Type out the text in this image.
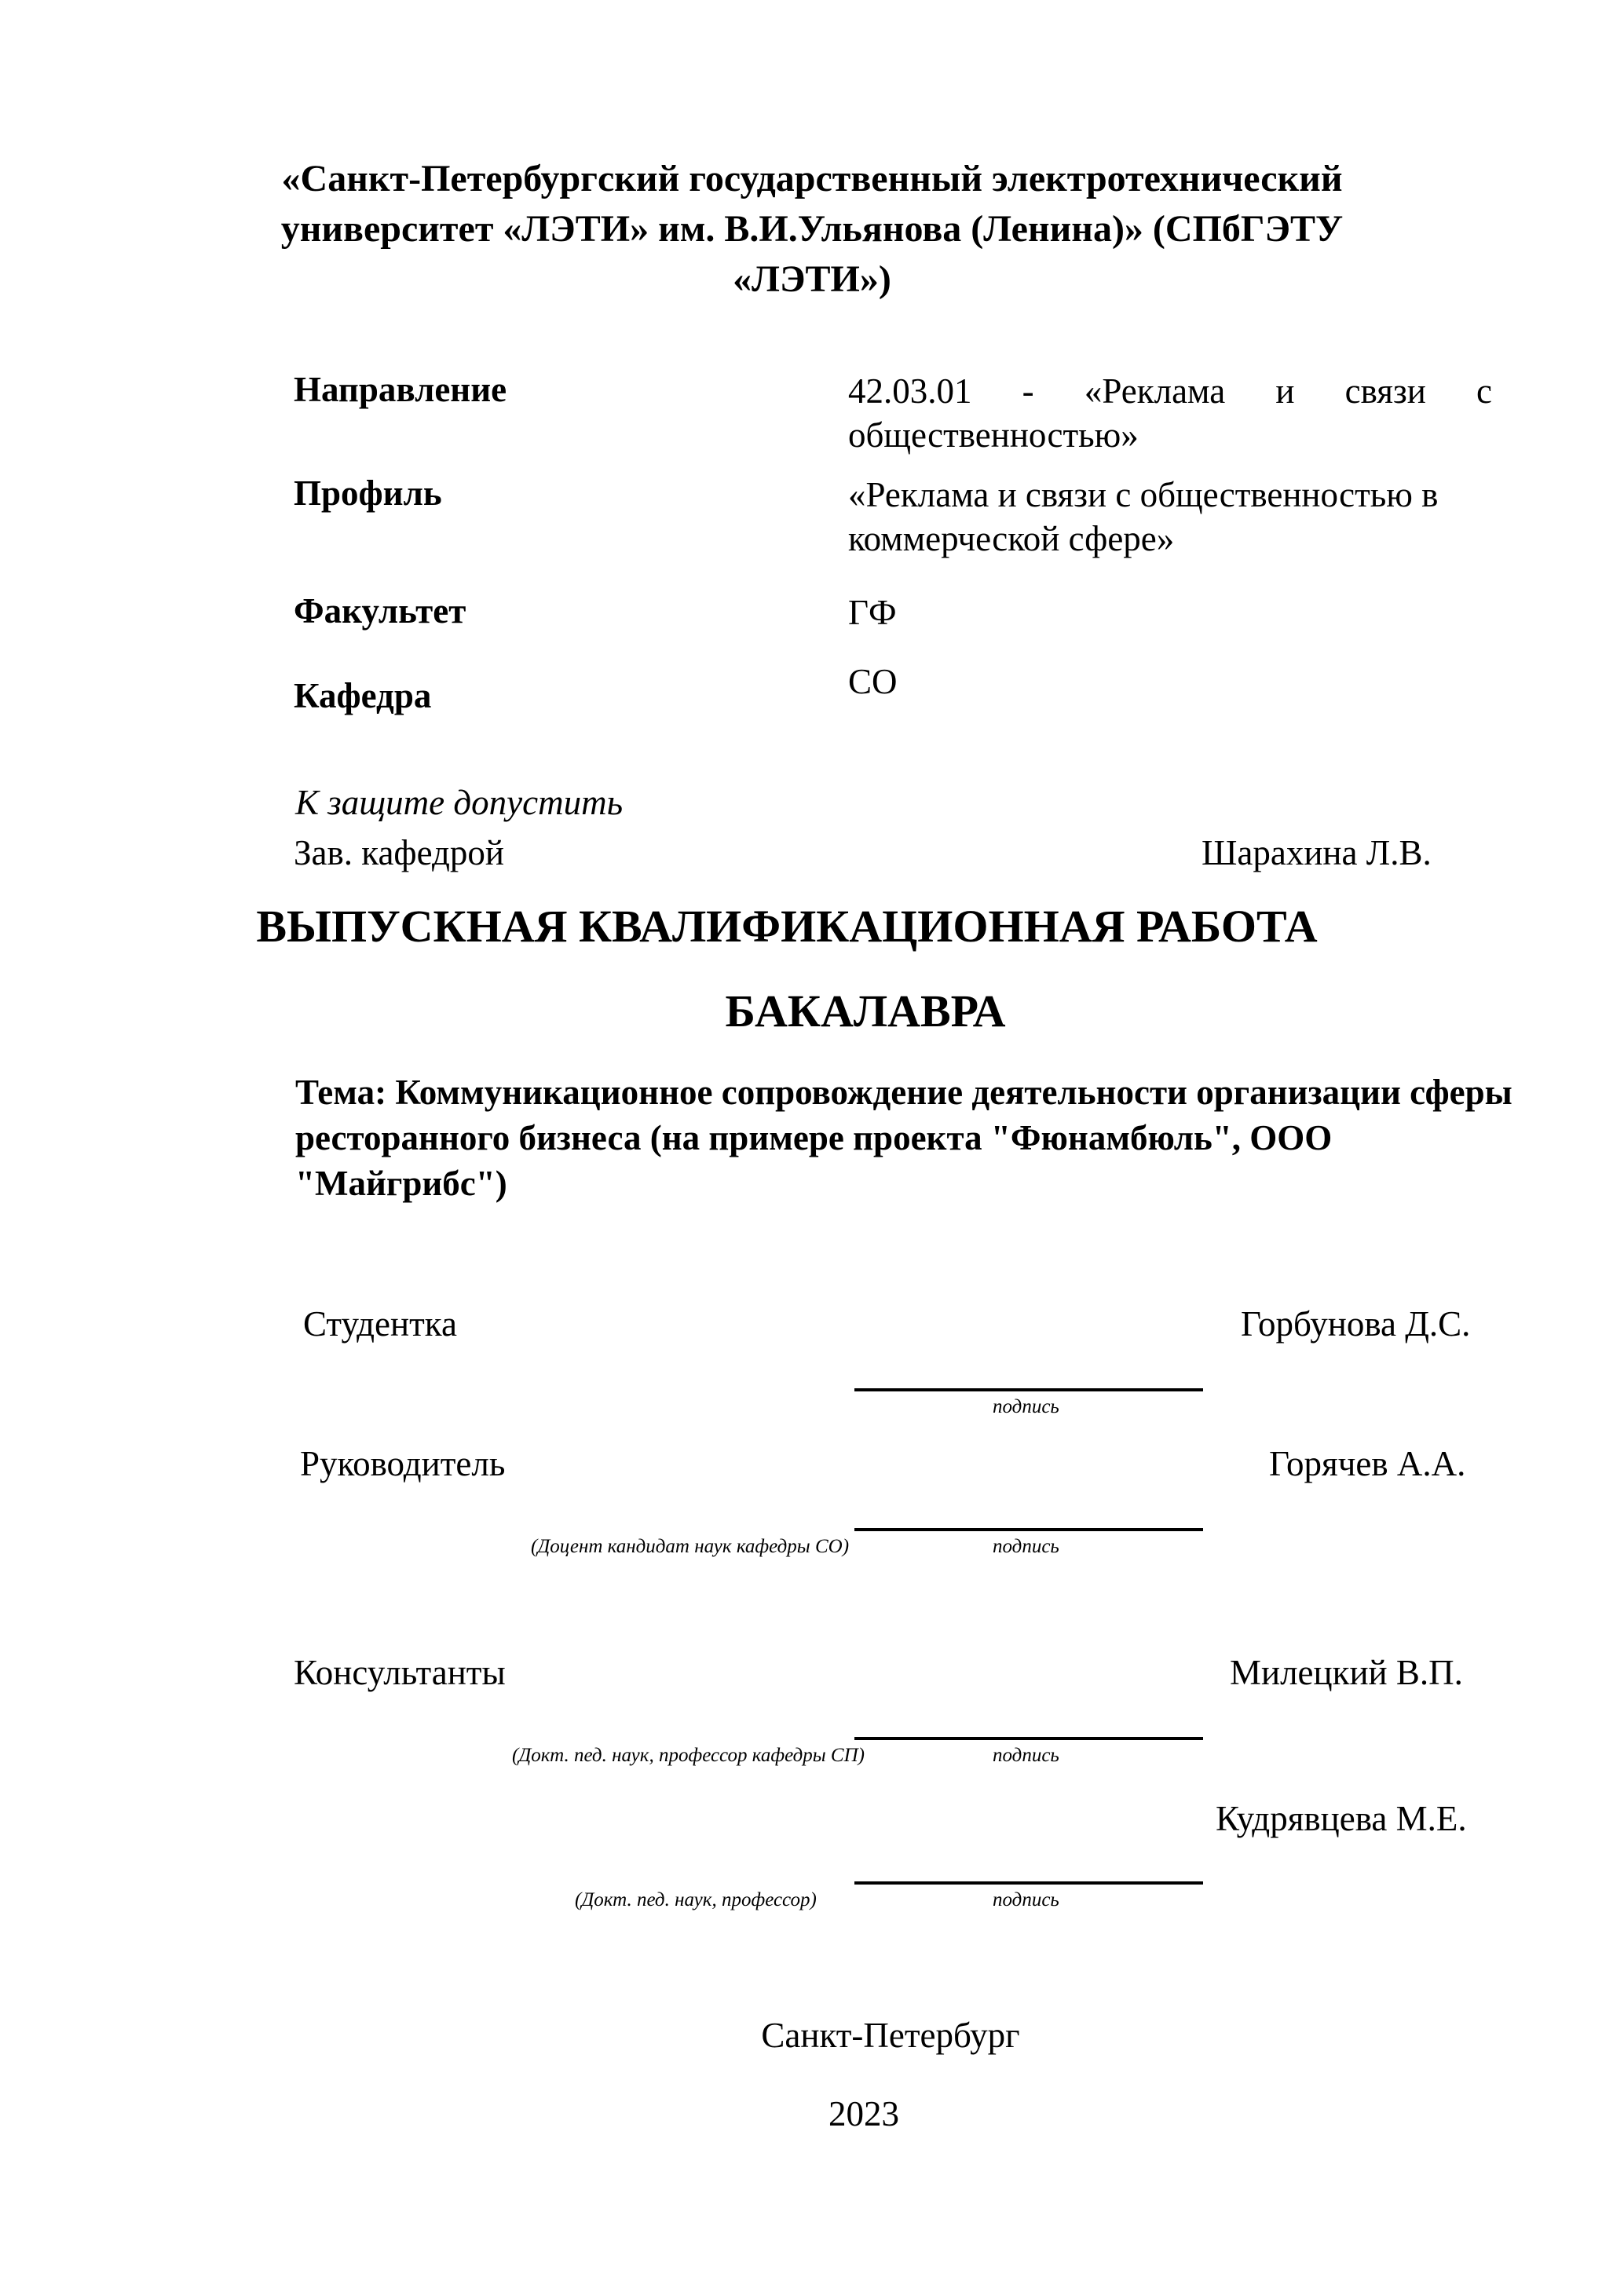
«Санкт-Петербургский государственный электротехнический
университет «ЛЭТИ» им. В.И.Ульянова (Ленина)» (СПбГЭТУ
«ЛЭТИ»)
Направление	42.03.01 - «Реклама и связи с общественностью»
Профиль	«Реклама и связи с общественностью в коммерческой сфере»
Факультет	ГФ
Кафедра	СО
К защите допустить
Зав. кафедрой	Шарахина Л.В.
ВЫПУСКНАЯ КВАЛИФИКАЦИОННАЯ РАБОТА
БАКАЛАВРА
Тема: Коммуникационное сопровождение деятельности организации сферы ресторанного бизнеса (на примере проекта "Фюнамбюль", ООО "Майгрибс")
Студентка	Горбунова Д.С.
подпись
Руководитель	Горячев А.А.
(Доцент кандидат наук кафедры СО)	подпись
Консультанты	Милецкий В.П.
(Докт. пед. наук, профессор кафедры СП)	подпись
Кудрявцева М.Е.
(Докт. пед. наук, профессор)	подпись
Санкт-Петербург
2023
